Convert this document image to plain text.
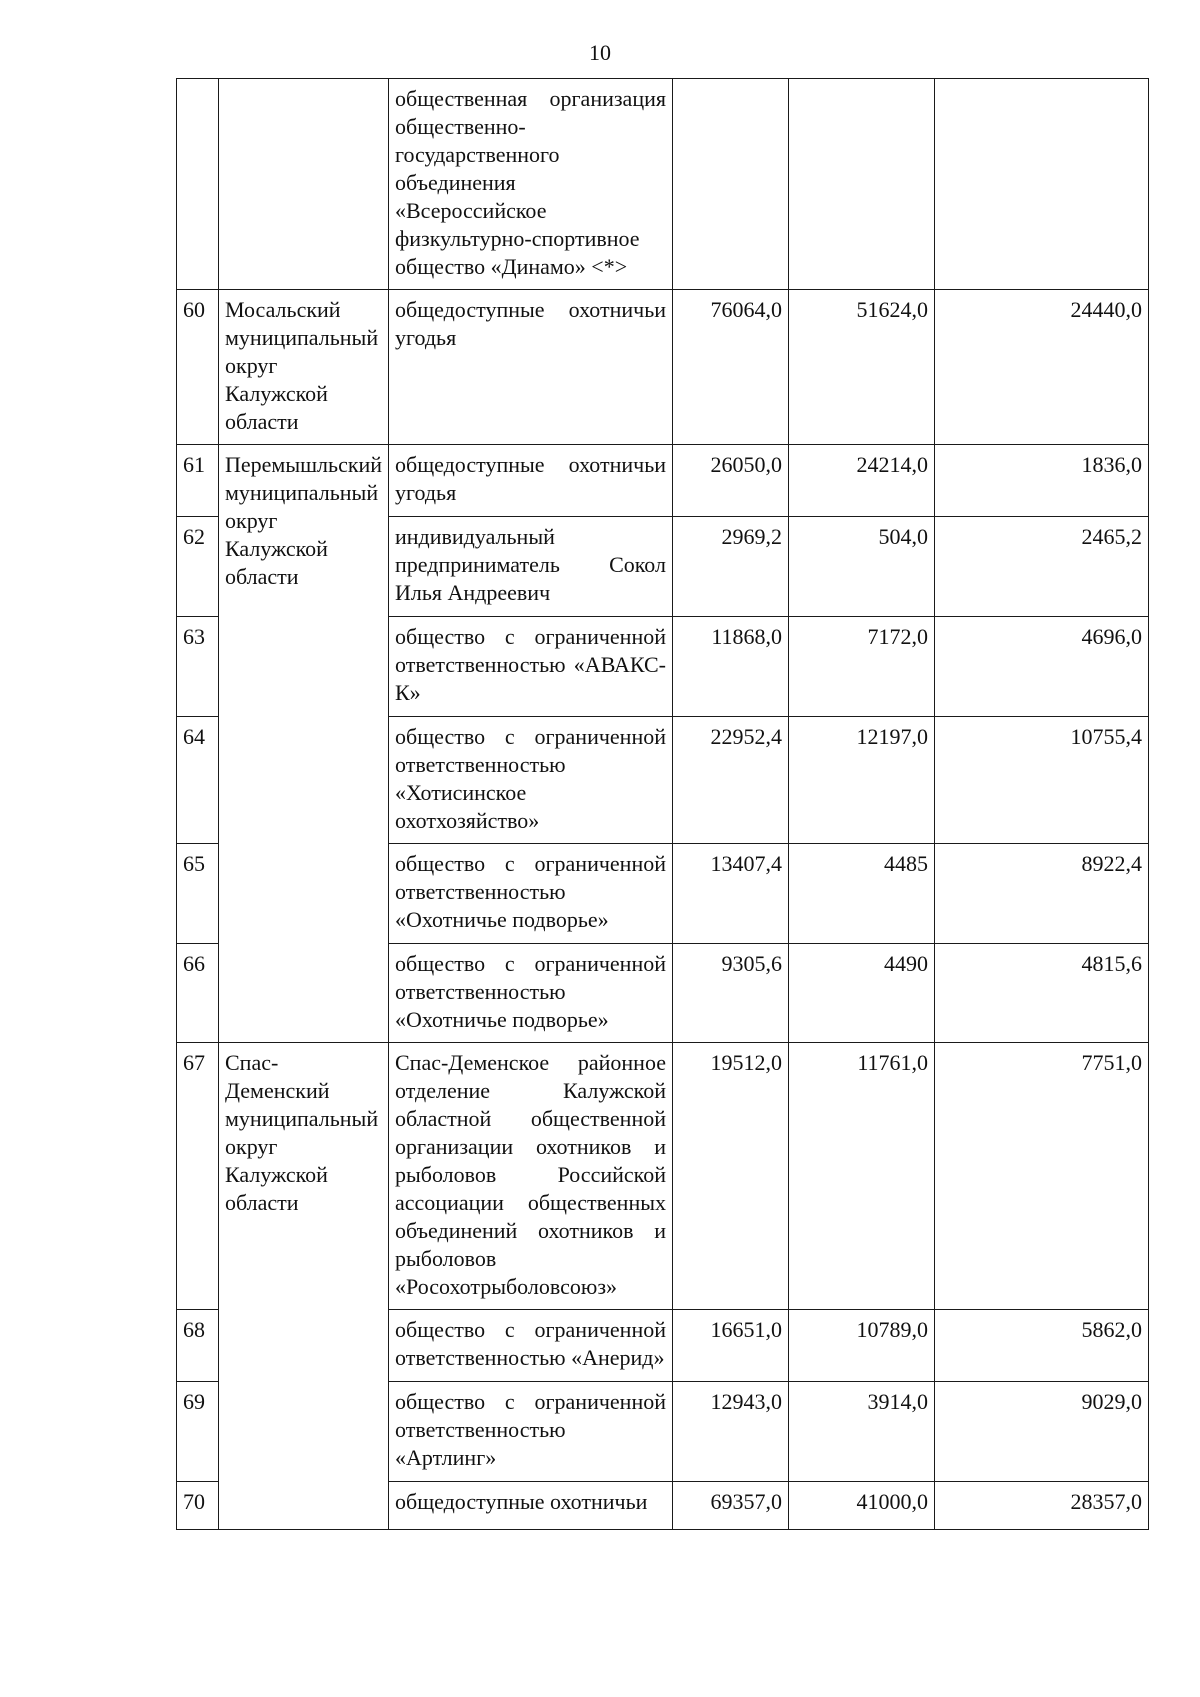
10
		общественная организация общественно-государственного объединения «Всероссийское физкультурно-спортивное общество «Динамо» <*>			
60	Мосальский муниципальный округ Калужской области	общедоступные охотничьи угодья	76064,0	51624,0	24440,0
61	Перемышльский муниципальный округ Калужской области	общедоступные охотничьи угодья	26050,0	24214,0	1836,0
62		индивидуальный предприниматель Сокол Илья Андреевич	2969,2	504,0	2465,2
63		общество с ограниченной ответственностью «АВАКС-К»	11868,0	7172,0	4696,0
64		общество с ограниченной ответственностью «Хотисинское охотхозяйство»	22952,4	12197,0	10755,4
65		общество с ограниченной ответственностью «Охотничье подворье»	13407,4	4485	8922,4
66		общество с ограниченной ответственностью «Охотничье подворье»	9305,6	4490	4815,6
67	Спас-Деменский муниципальный округ Калужской области	Спас-Деменское районное отделение Калужской областной общественной организации охотников и рыболовов Российской ассоциации общественных объединений охотников и рыболовов «Росохотрыболовсоюз»	19512,0	11761,0	7751,0
68		общество с ограниченной ответственностью «Анерид»	16651,0	10789,0	5862,0
69		общество с ограниченной ответственностью «Артлинг»	12943,0	3914,0	9029,0
70		общедоступные охотничьи	69357,0	41000,0	28357,0
